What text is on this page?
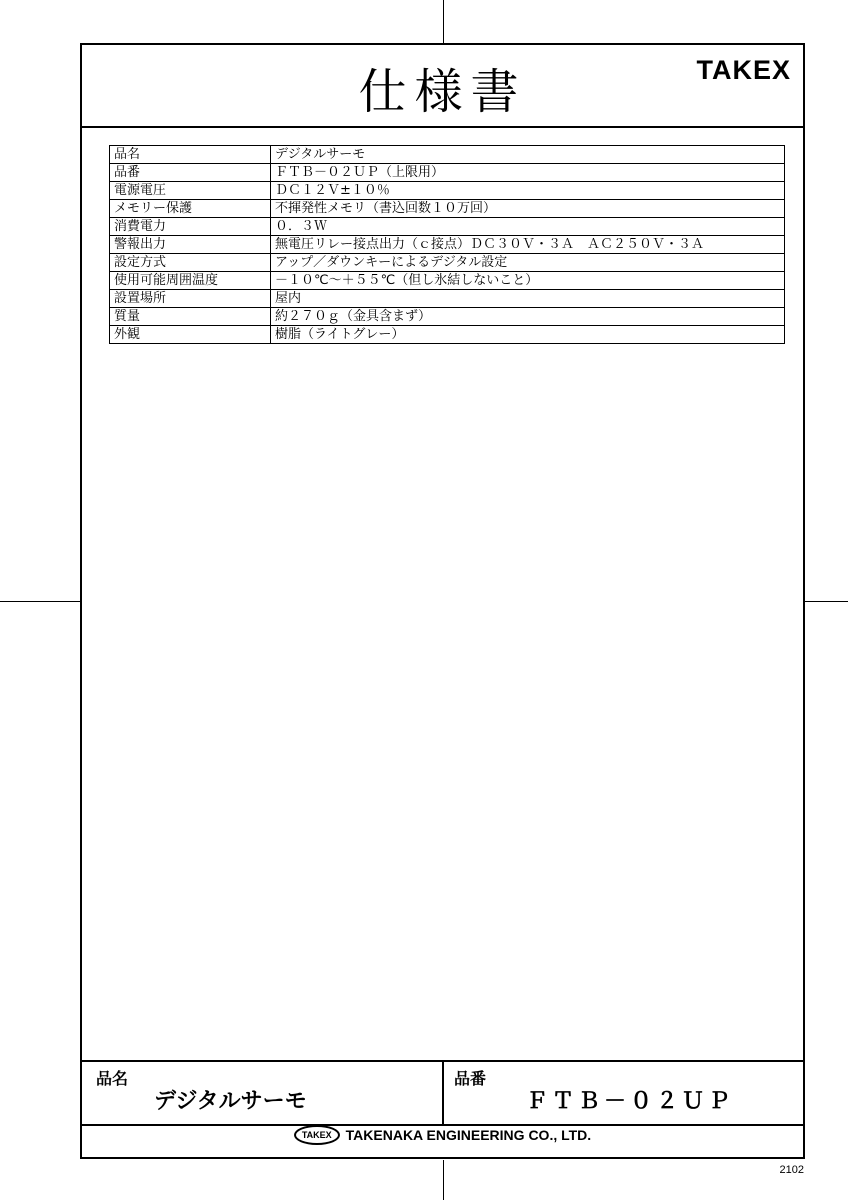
仕様書	TAKEX
品名	デジタルサーモ
品番	ＦＴＢ－０２ＵＰ（上限用）
電源電圧	ＤＣ１２Ｖ±１０％
メモリー保護	不揮発性メモリ（書込回数１０万回）
消費電力	０．３Ｗ
警報出力	無電圧リレー接点出力（ｃ接点）ＤＣ３０Ｖ・３Ａ　ＡＣ２５０Ｖ・３Ａ
設定方式	アップ／ダウンキーによるデジタル設定
使用可能周囲温度	－１０℃～＋５５℃（但し氷結しないこと）
設置場所	屋内
質量	約２７０ｇ（金具含まず）
外観	樹脂（ライトグレー）
品名
デジタルサーモ
品番
ＦＴＢ－０２ＵＰ
TAKEX TAKENAKA ENGINEERING CO., LTD.
2102
